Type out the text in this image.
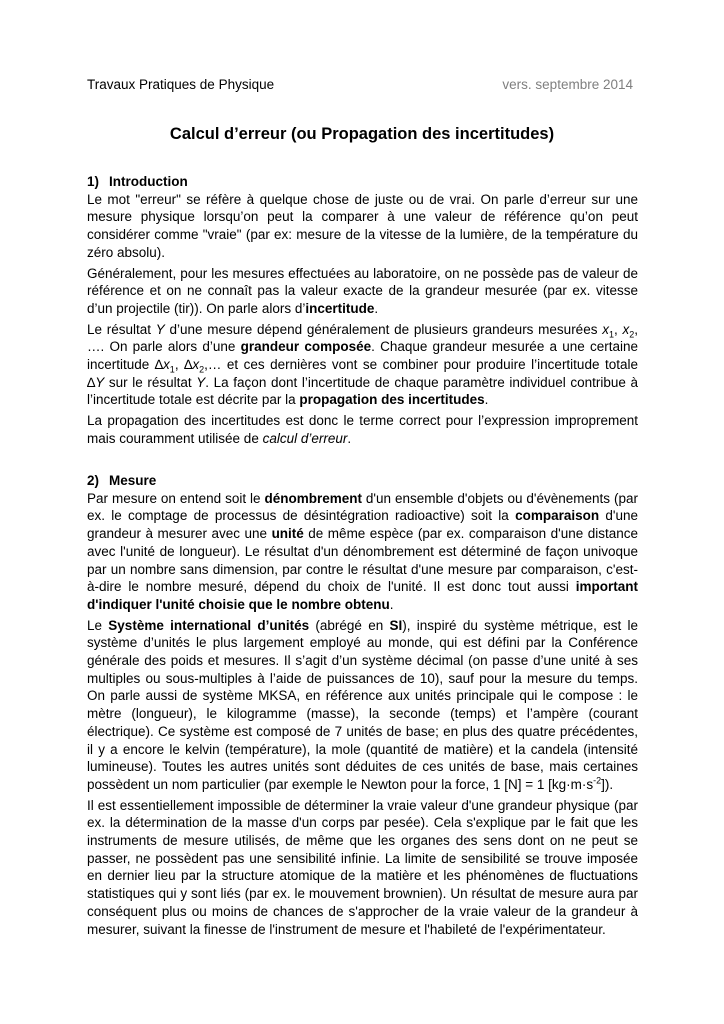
Travaux Pratiques de Physique	vers. septembre 2014
Calcul d’erreur (ou Propagation des incertitudes)
1) Introduction

Le mot "erreur" se réfère à quelque chose de juste ou de vrai. On parle d’erreur sur une mesure physique lorsqu’on peut la comparer à une valeur de référence qu’on peut considérer comme "vraie" (par ex: mesure de la vitesse de la lumière, de la température du zéro absolu).

Généralement, pour les mesures effectuées au laboratoire, on ne possède pas de valeur de référence et on ne connaît pas la valeur exacte de la grandeur mesurée (par ex. vitesse d’un projectile (tir)). On parle alors d’incertitude.

Le résultat Y d’une mesure dépend généralement de plusieurs grandeurs mesurées $x_1$, $x_2$, …. On parle alors d’une grandeur composée. Chaque grandeur mesurée a une certaine incertitude $\Delta x_1$, $\Delta x_2,\dots$ et ces dernières vont se combiner pour produire l’incertitude totale ∆Y sur le résultat Y. La façon dont l’incertitude de chaque paramètre individuel contribue à l’incertitude totale est décrite par la propagation des incertitudes.

La propagation des incertitudes est donc le terme correct pour l’expression improprement mais couramment utilisée de calcul d’erreur.

2) Mesure

Par mesure on entend soit le dénombrement d'un ensemble d'objets ou d'évènements (par ex. le comptage de processus de désintégration radioactive) soit la comparaison d'une grandeur à mesurer avec une unité de même espèce (par ex. comparaison d'une distance avec l'unité de longueur). Le résultat d'un dénombrement est déterminé de façon univoque par un nombre sans dimension, par contre le résultat d'une mesure par comparaison, c'est-à-dire le nombre mesuré, dépend du choix de l'unité. Il est donc tout aussi important d'indiquer l'unité choisie que le nombre obtenu.

Le Système international d’unités (abrégé en SI), inspiré du système métrique, est le système d’unités le plus largement employé au monde, qui est défini par la Conférence générale des poids et mesures. Il s’agit d’un système décimal (on passe d’une unité à ses multiples ou sous-multiples à l’aide de puissances de 10), sauf pour la mesure du temps. On parle aussi de système MKSA, en référence aux unités principale qui le compose : le mètre (longueur), le kilogramme (masse), la seconde (temps) et l’ampère (courant électrique). Ce système est composé de 7 unités de base; en plus des quatre précédentes, il y a encore le kelvin (température), la mole (quantité de matière) et la candela (intensité lumineuse). Toutes les autres unités sont déduites de ces unités de base, mais certaines possèdent un nom particulier (par exemple le Newton pour la force, 1 [N] = 1 $[kg\cdot m\cdot s^{-2}]$).

Il est essentiellement impossible de déterminer la vraie valeur d'une grandeur physique (par ex. la détermination de la masse d'un corps par pesée). Cela s'explique par le fait que les instruments de mesure utilisés, de même que les organes des sens dont on ne peut se passer, ne possèdent pas une sensibilité infinie. La limite de sensibilité se trouve imposée en dernier lieu par la structure atomique de la matière et les phénomènes de fluctuations statistiques qui y sont liés (par ex. le mouvement brownien). Un résultat de mesure aura par conséquent plus ou moins de chances de s'approcher de la vraie valeur de la grandeur à mesurer, suivant la finesse de l'instrument de mesure et l'habileté de l'expérimentateur.
